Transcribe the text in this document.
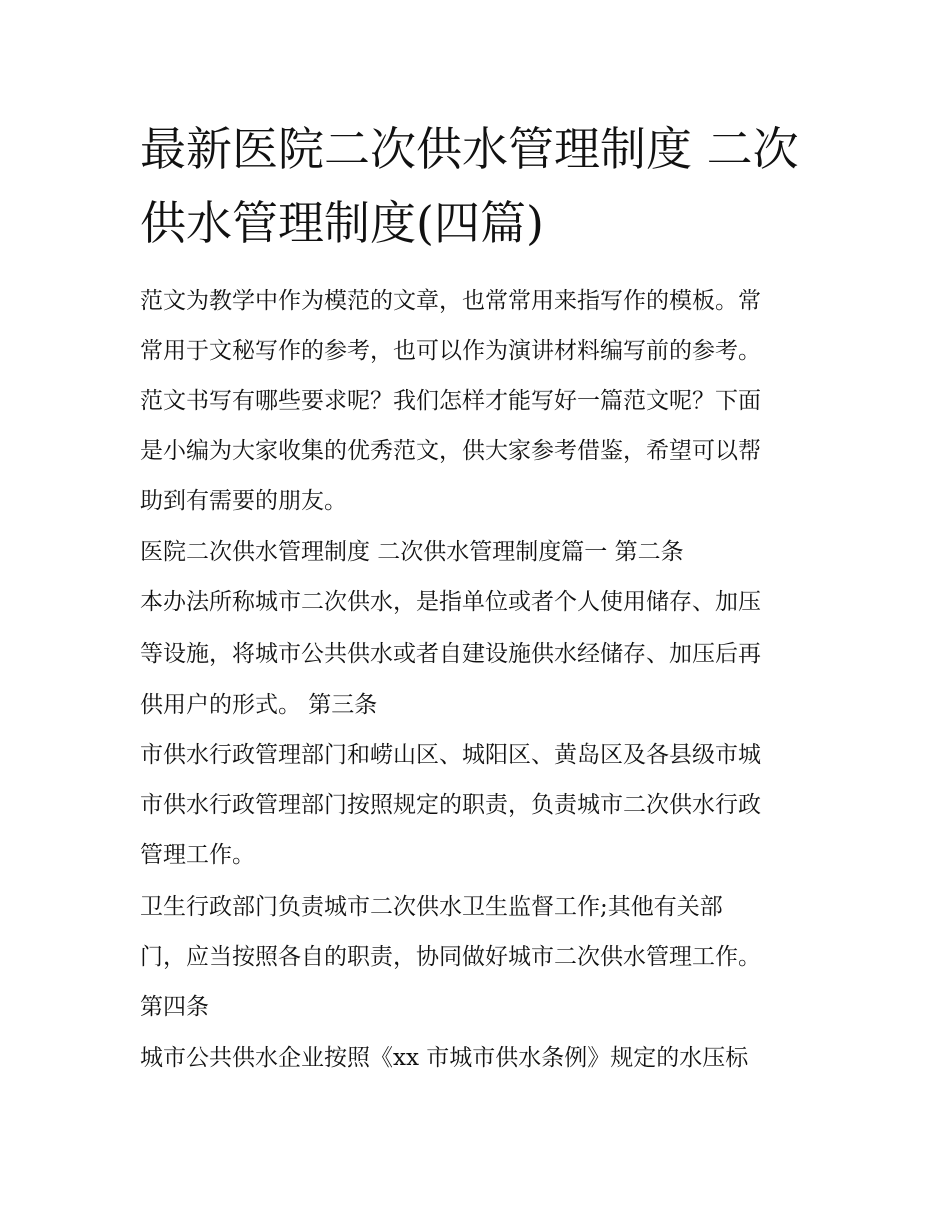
最新医院二次供水管理制度 二次供水管理制度(四篇)

范文为教学中作为模范的文章，也常常用来指写作的模板。常

常用于文秘写作的参考，也可以作为演讲材料编写前的参考。

范文书写有哪些要求呢？我们怎样才能写好一篇范文呢？下面

是小编为大家收集的优秀范文，供大家参考借鉴，希望可以帮

助到有需要的朋友。

医院二次供水管理制度 二次供水管理制度篇一 第二条

本办法所称城市二次供水，是指单位或者个人使用储存、加压

等设施，将城市公共供水或者自建设施供水经储存、加压后再

供用户的形式。 第三条

市供水行政管理部门和崂山区、城阳区、黄岛区及各县级市城

市供水行政管理部门按照规定的职责，负责城市二次供水行政

管理工作。

卫生行政部门负责城市二次供水卫生监督工作;其他有关部

门，应当按照各自的职责，协同做好城市二次供水管理工作。

第四条

城市公共供水企业按照《xx 市城市供水条例》规定的水压标
